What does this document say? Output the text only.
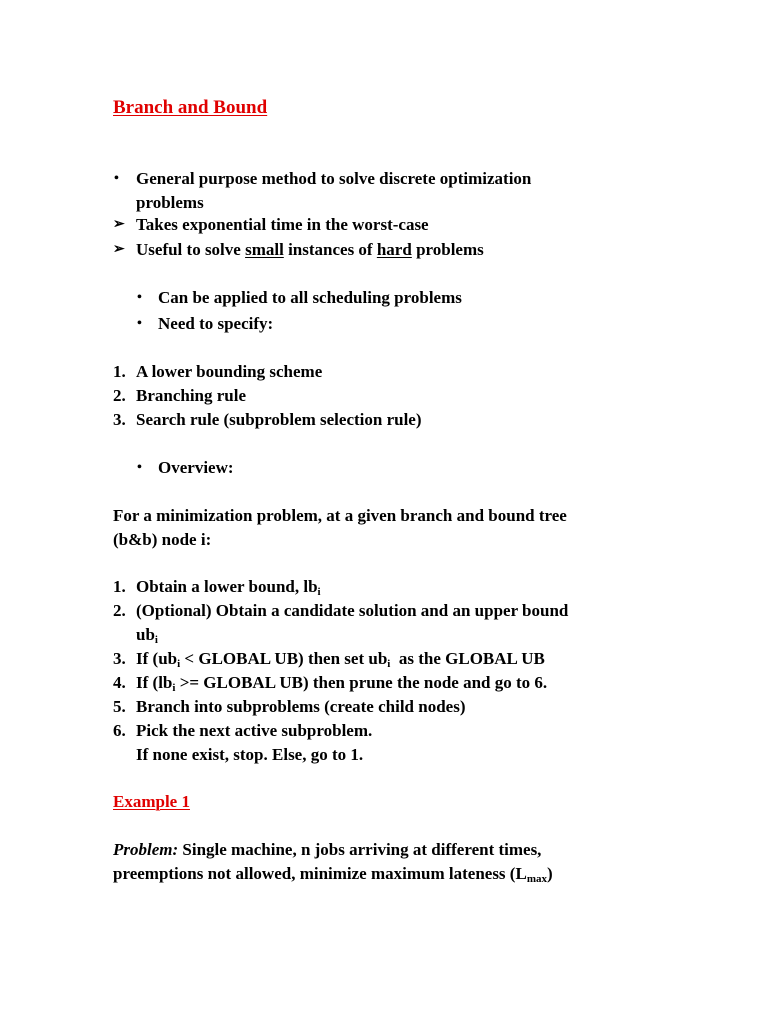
Branch and Bound
• General purpose method to solve discrete optimization
problems
➢ Takes exponential time in the worst-case
➢ Useful to solve small instances of hard problems
• Can be applied to all scheduling problems
• Need to specify:
1. A lower bounding scheme
2. Branching rule
3. Search rule (subproblem selection rule)
• Overview:
For a minimization problem, at a given branch and bound tree
(b&b) node i:
1. Obtain a lower bound, $lb_i$
2. (Optional) Obtain a candidate solution and an upper bound
$ub_i$
3. If ($ub_i$ < GLOBAL UB) then set $ub_i$  as the GLOBAL UB
4. If ($lb_i$ >= GLOBAL UB) then prune the node and go to 6.
5. Branch into subproblems (create child nodes)
6. Pick the next active subproblem.
If none exist, stop. Else, go to 1.
Example 1
Problem: Single machine, n jobs arriving at different times,
preemptions not allowed, minimize maximum lateness $(L_{max})$
